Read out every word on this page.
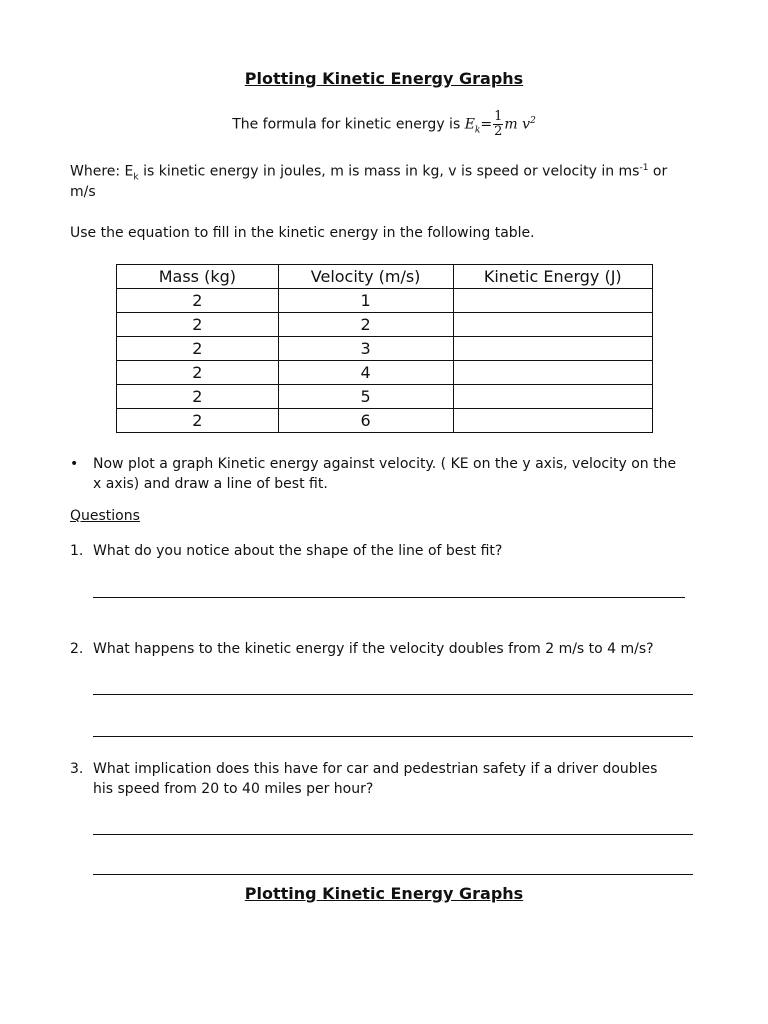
Plotting Kinetic Energy Graphs
The formula for kinetic energy is $E_k= \frac{1}{2}$ m $v^2$
Where: $E_k$ is kinetic energy in joules, m is mass in kg, v is speed or velocity in $ms^{-1}$ or
m/s
Use the equation to fill in the kinetic energy in the following table.
Mass (kg)	Velocity (m/s)	Kinetic Energy (J)
2	1	
2	2	
2	3	
2	4	
2	5	
2	6	
• Now plot a graph Kinetic energy against velocity. ( KE on the y axis, velocity on the
x axis) and draw a line of best fit.
Questions
1. What do you notice about the shape of the line of best fit?
2. What happens to the kinetic energy if the velocity doubles from 2 m/s to 4 m/s?
3. What implication does this have for car and pedestrian safety if a driver doubles
his speed from 20 to 40 miles per hour?
Plotting Kinetic Energy Graphs
